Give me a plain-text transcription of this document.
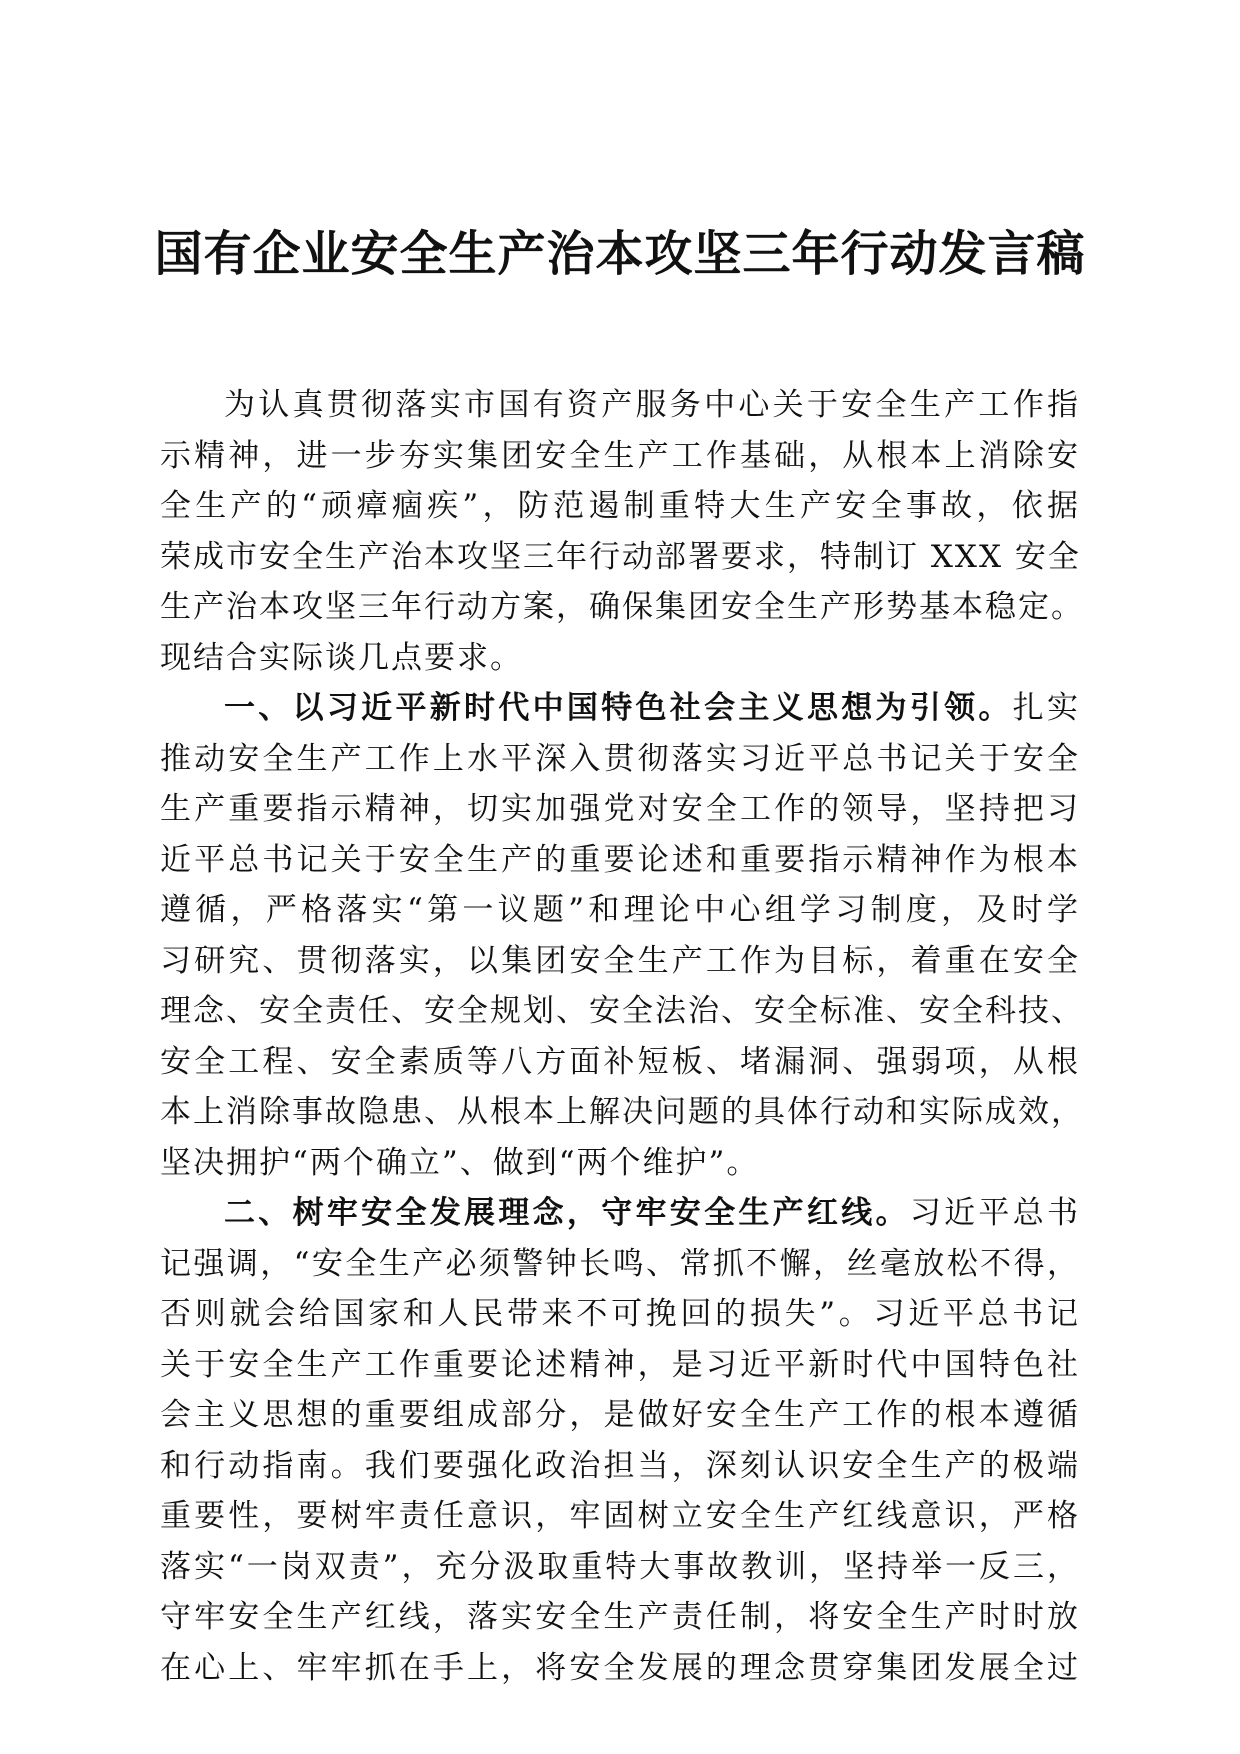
国有企业安全生产治本攻坚三年行动发言稿
为认真贯彻落实市国有资产服务中心关于安全生产工作指
示精神，进一步夯实集团安全生产工作基础，从根本上消除安
全生产的“顽瘴痼疾”，防范遏制重特大生产安全事故，依据
荣成市安全生产治本攻坚三年行动部署要求，特制订 XXX 安全
生产治本攻坚三年行动方案，确保集团安全生产形势基本稳定。
现结合实际谈几点要求。
一、以习近平新时代中国特色社会主义思想为引领。扎实
推动安全生产工作上水平深入贯彻落实习近平总书记关于安全
生产重要指示精神，切实加强党对安全工作的领导，坚持把习
近平总书记关于安全生产的重要论述和重要指示精神作为根本
遵循，严格落实“第一议题”和理论中心组学习制度，及时学
习研究、贯彻落实，以集团安全生产工作为目标，着重在安全
理念、安全责任、安全规划、安全法治、安全标准、安全科技、
安全工程、安全素质等八方面补短板、堵漏洞、强弱项，从根
本上消除事故隐患、从根本上解决问题的具体行动和实际成效，
坚决拥护“两个确立”、做到“两个维护”。
二、树牢安全发展理念，守牢安全生产红线。习近平总书
记强调，“安全生产必须警钟长鸣、常抓不懈，丝毫放松不得，
否则就会给国家和人民带来不可挽回的损失”。习近平总书记
关于安全生产工作重要论述精神，是习近平新时代中国特色社
会主义思想的重要组成部分，是做好安全生产工作的根本遵循
和行动指南。我们要强化政治担当，深刻认识安全生产的极端
重要性，要树牢责任意识，牢固树立安全生产红线意识，严格
落实“一岗双责”，充分汲取重特大事故教训，坚持举一反三，
守牢安全生产红线，落实安全生产责任制，将安全生产时时放
在心上、牢牢抓在手上，将安全发展的理念贯穿集团发展全过
